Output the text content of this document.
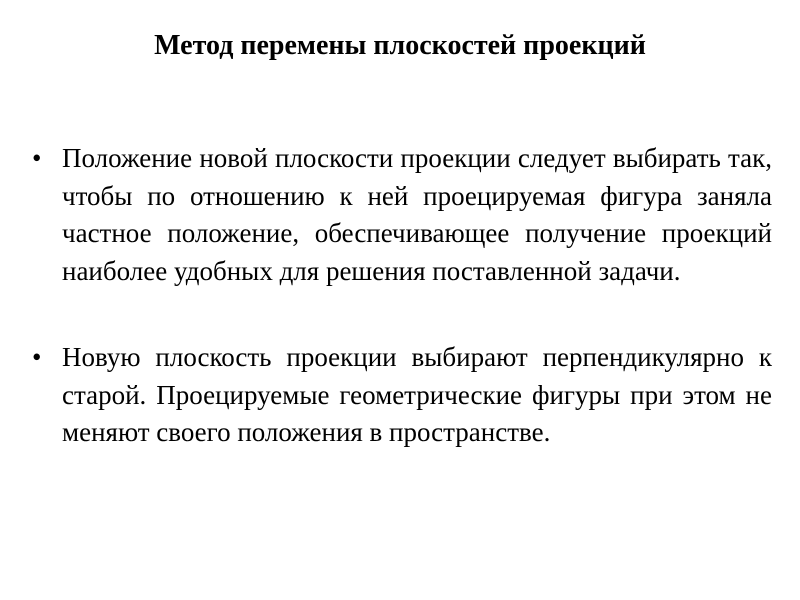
Метод перемены плоскостей проекций
• Положение новой плоскости проекции следует выбирать так, чтобы по отношению к ней проецируемая фигура заняла частное положение, обеспечивающее получение проекций наиболее удобных для решения поставленной задачи.
• Новую плоскость проекции выбирают перпендикулярно к старой. Проецируемые геометрические фигуры при этом не меняют своего положения в пространстве.
